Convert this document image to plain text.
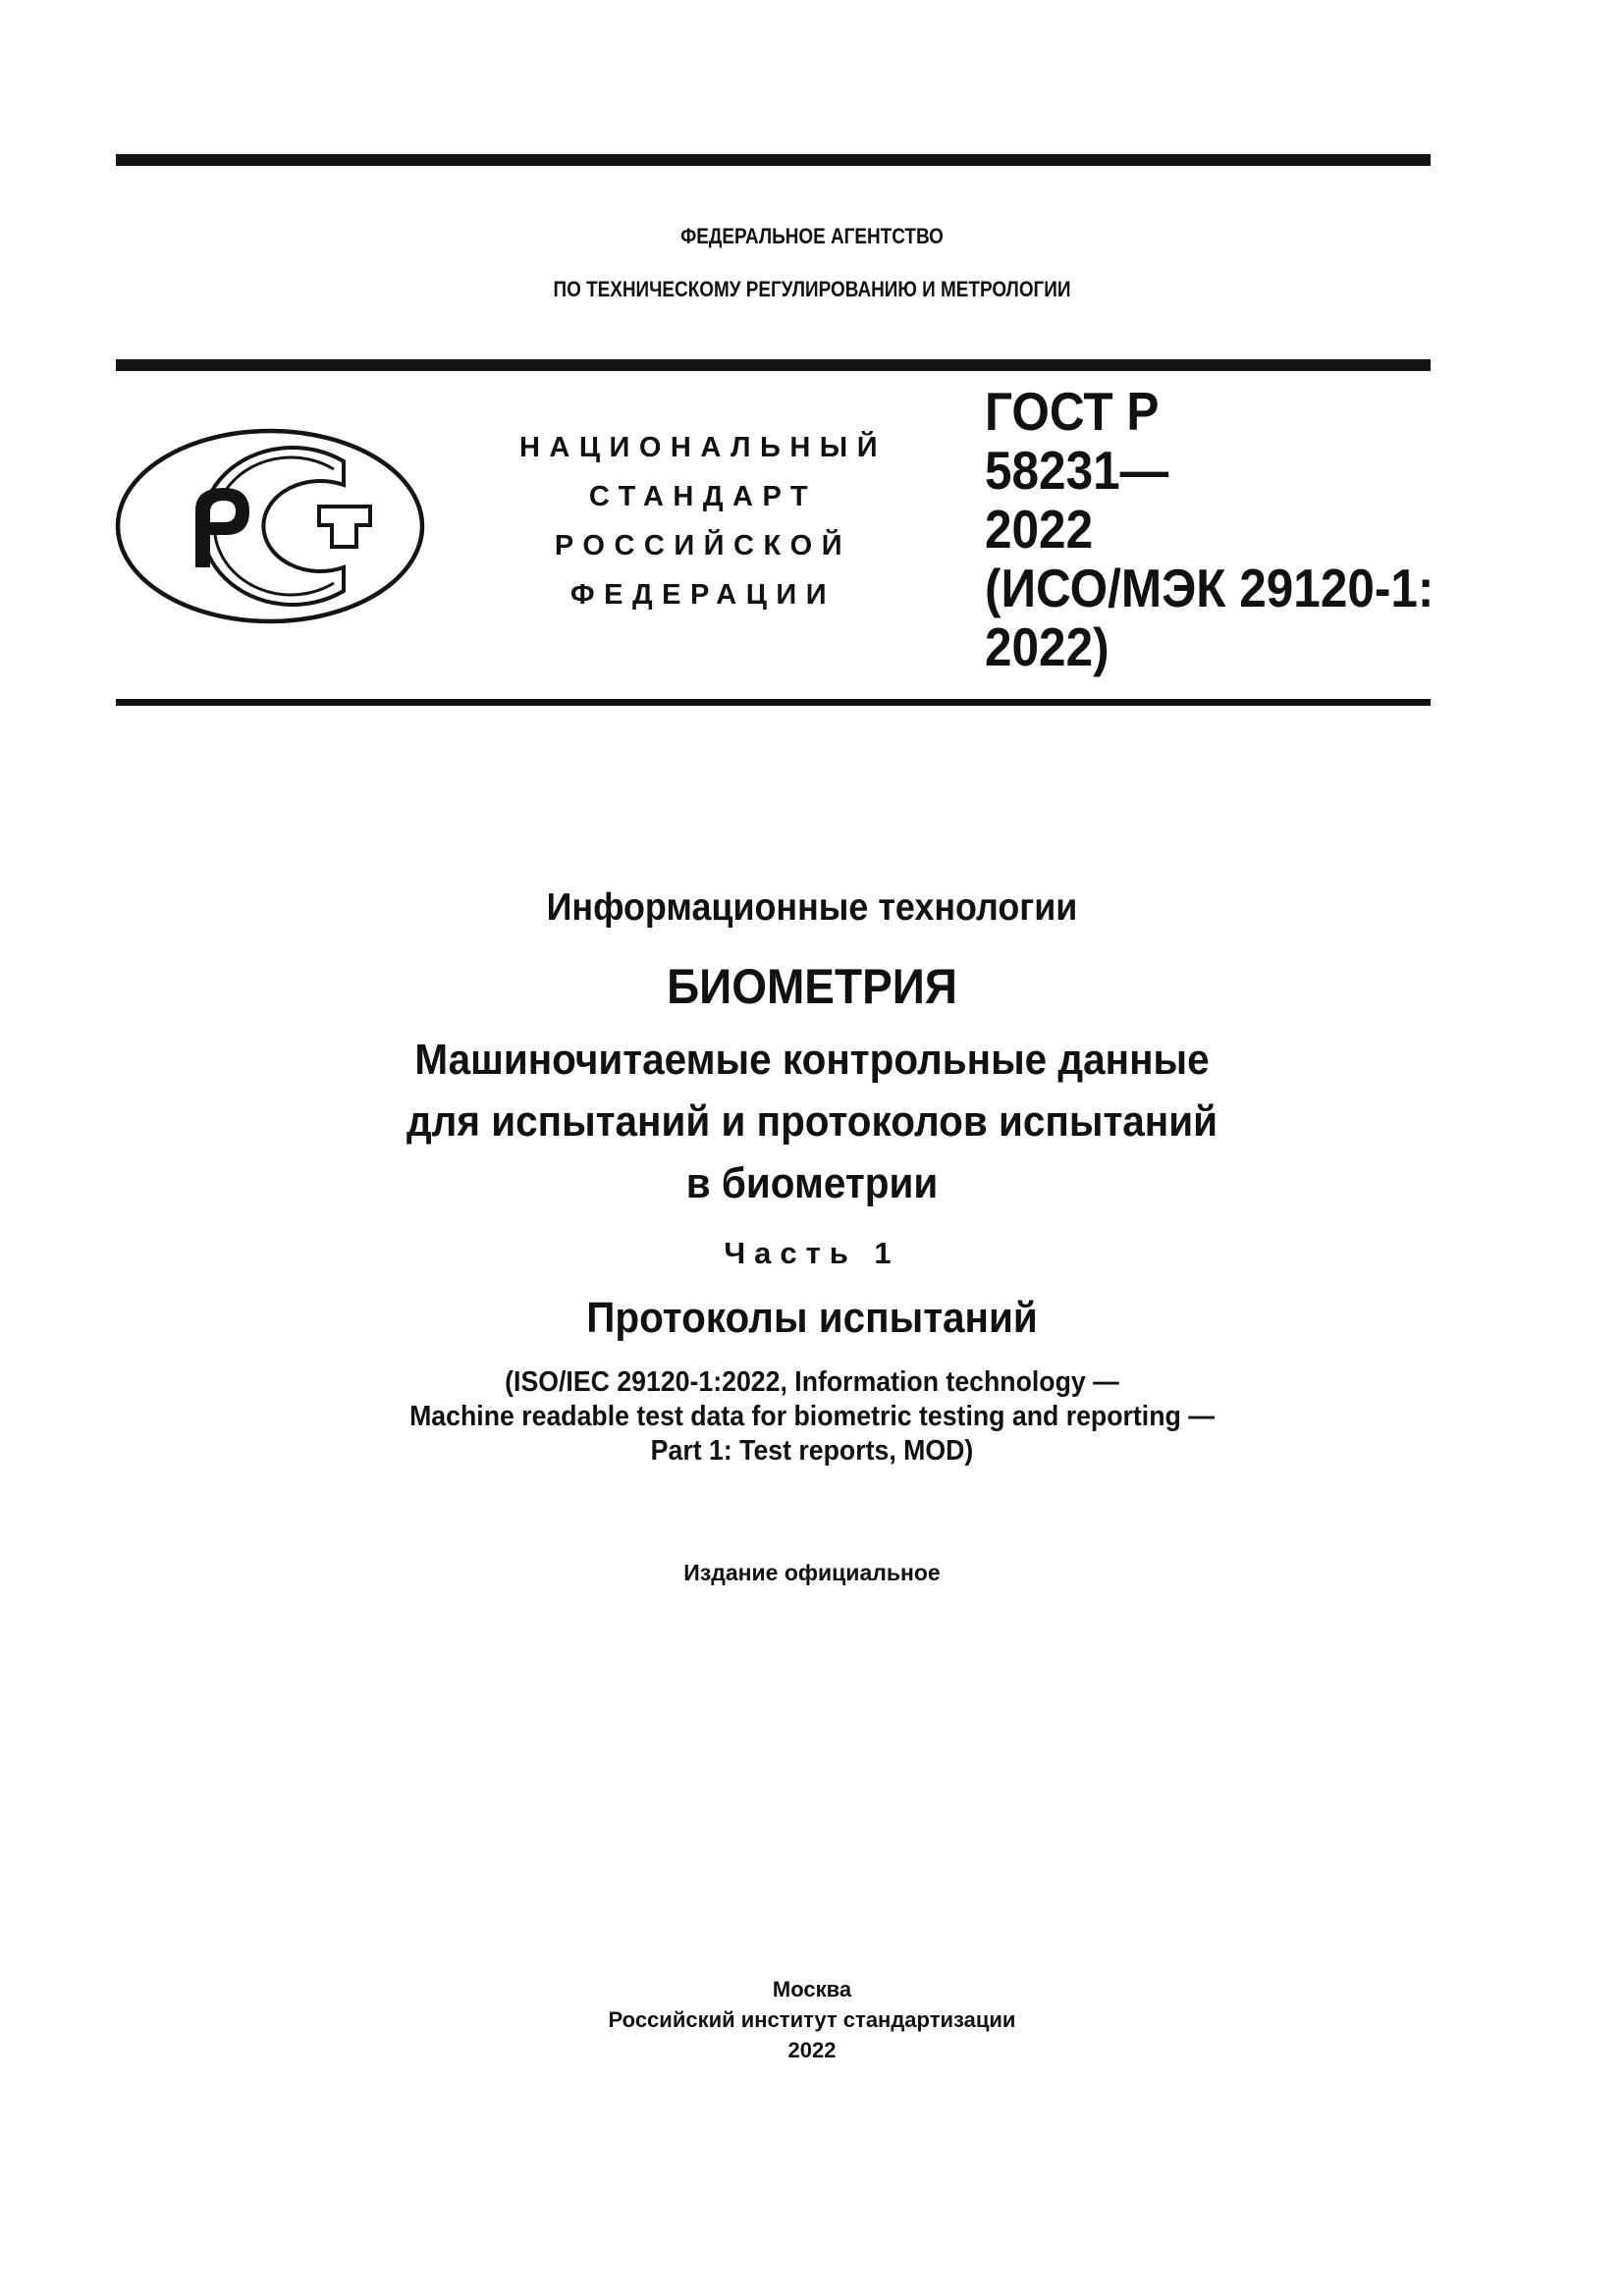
ФЕДЕРАЛЬНОЕ АГЕНТСТВО
ПО ТЕХНИЧЕСКОМУ РЕГУЛИРОВАНИЮ И МЕТРОЛОГИИ
НАЦИОНАЛЬНЫЙ
СТАНДАРТ
РОССИЙСКОЙ
ФЕДЕРАЦИИ
ГОСТ Р
58231—
2022
(ИСО/МЭК 29120-1:
2022)
Информационные технологии
БИОМЕТРИЯ
Машиночитаемые контрольные данные
для испытаний и протоколов испытаний
в биометрии
Часть 1
Протоколы испытаний
(ISO/IEC 29120-1:2022, Information technology —
Machine readable test data for biometric testing and reporting —
Part 1: Test reports, MOD)
Издание официальное
Москва
Российский институт стандартизации
2022
